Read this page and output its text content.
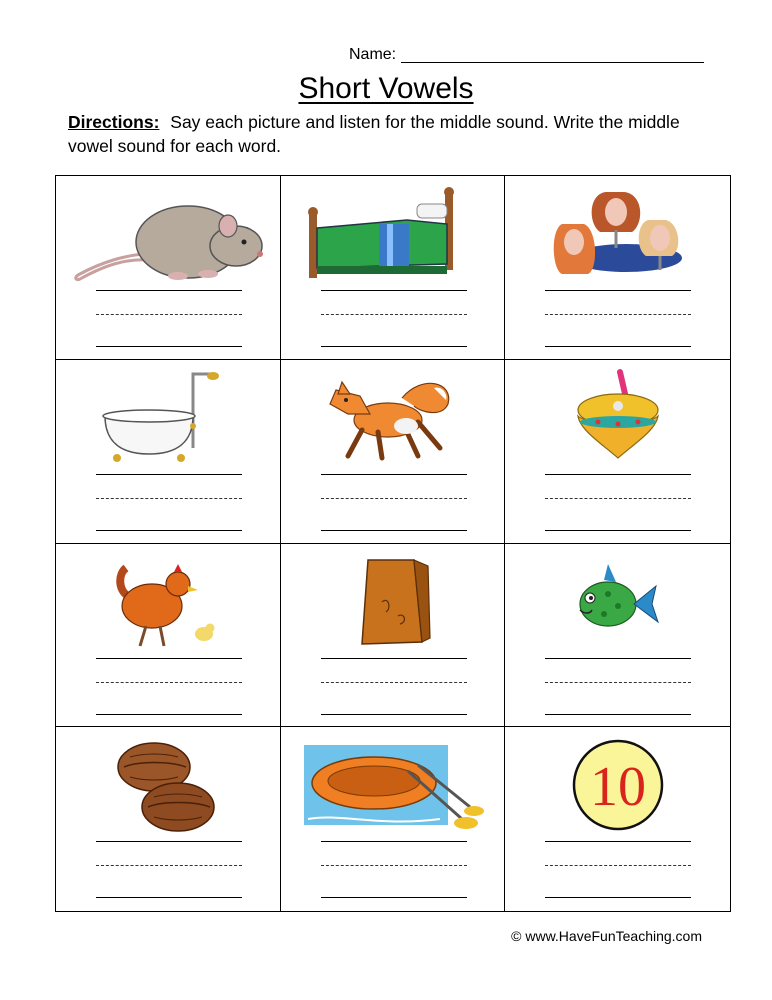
Name:
Short Vowels
Directions: Say each picture and listen for the middle sound. Write the middle vowel sound for each word.
10
© www.HaveFunTeaching.com
